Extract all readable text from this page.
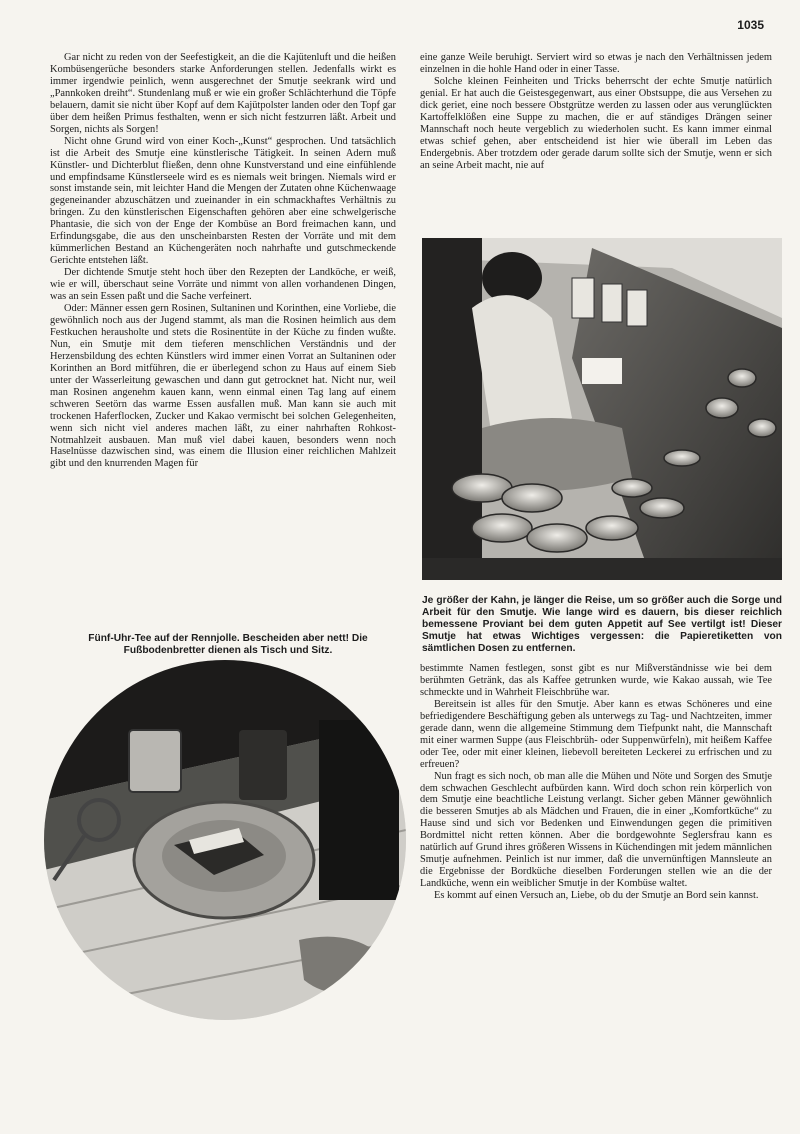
1035

Gar nicht zu reden von der Seefestigkeit, an die die Kajütenluft und die heißen Kombüsengerüche besonders starke Anforderungen stellen. Jedenfalls wirkt es immer irgendwie peinlich, wenn ausgerechnet der Smutje seekrank wird und „Pannkoken dreiht“. Stundenlang muß er wie ein großer Schlächterhund die Töpfe belauern, damit sie nicht über Kopf auf dem Kajütpolster landen oder den Topf gar über dem heißen Primus festhalten, wenn er sich nicht festzurren läßt. Arbeit und Sorgen, nichts als Sorgen!

Nicht ohne Grund wird von einer Koch-„Kunst“ gesprochen. Und tatsächlich ist die Arbeit des Smutje eine künstlerische Tätigkeit. In seinen Adern muß Künstler- und Dichterblut fließen, denn ohne Kunstverstand und eine einfühlende und empfindsame Künstlerseele wird es es niemals weit bringen. Niemals wird er sonst imstande sein, mit leichter Hand die Mengen der Zutaten ohne Küchenwaage gegeneinander abzuschätzen und zueinander in ein schmackhaftes Verhältnis zu bringen. Zu den künstlerischen Eigenschaften gehören aber eine schwelgerische Phantasie, die sich von der Enge der Kombüse an Bord freimachen kann, und Erfindungsgabe, die aus den unscheinbarsten Resten der Vorräte und mit dem kümmerlichen Bestand an Küchengeräten noch nahrhafte und gutschmeckende Gerichte entstehen läßt.

Der dichtende Smutje steht hoch über den Rezepten der Landköche, er weiß, wie er will, überschaut seine Vorräte und nimmt von allen vorhandenen Dingen, was an sein Essen paßt und die Sache verfeinert.

Oder: Männer essen gern Rosinen, Sultaninen und Korinthen, eine Vorliebe, die gewöhnlich noch aus der Jugend stammt, als man die Rosinen heimlich aus dem Festkuchen herausholte und stets die Rosinentüte in der Küche zu finden wußte. Nun, ein Smutje mit dem tieferen menschlichen Verständnis und der Herzensbildung des echten Künstlers wird immer einen Vorrat an Sultaninen oder Korinthen an Bord mitführen, die er überlegend schon zu Haus auf einem Sieb unter der Wasserleitung gewaschen und dann gut getrocknet hat. Nicht nur, weil man Rosinen angenehm kauen kann, wenn einmal einen Tag lang auf einem schweren Seetörn das warme Essen ausfallen muß. Man kann sie auch mit trockenen Haferflocken, Zucker und Kakao vermischt bei solchen Gelegenheiten, wenn sich nicht viel anderes machen läßt, zu einer nahrhaften Rohkost-Notmahlzeit ausbauen. Man muß viel dabei kauen, besonders wenn noch Haselnüsse dazwischen sind, was einem die Illusion einer reichlichen Mahlzeit gibt und den knurrenden Magen für

eine ganze Weile beruhigt. Serviert wird so etwas je nach den Verhältnissen jedem einzelnen in die hohle Hand oder in einer Tasse.

Solche kleinen Feinheiten und Tricks beherrscht der echte Smutje natürlich genial. Er hat auch die Geistesgegenwart, aus einer Obstsuppe, die aus Versehen zu dick geriet, eine noch bessere Obstgrütze werden zu lassen oder aus verunglückten Kartoffelklößen eine Suppe zu machen, die er auf ständiges Drängen seiner Mannschaft noch heute vergeblich zu wiederholen sucht. Es kann immer einmal etwas schief gehen, aber entscheidend ist hier wie überall im Leben das Endergebnis. Aber trotzdem oder gerade darum sollte sich der Smutje, wenn er sich an seine Arbeit macht, nie auf

Je größer der Kahn, je länger die Reise, um so größer auch die Sorge und Arbeit für den Smutje. Wie lange wird es dauern, bis dieser reichlich bemessene Proviant bei dem guten Appetit auf See vertilgt ist! Dieser Smutje hat etwas Wichtiges vergessen: die Papieretiketten von sämtlichen Dosen zu entfernen.
Fünf-Uhr-Tee auf der Rennjolle. Bescheiden aber nett! Die Fußbodenbretter dienen als Tisch und Sitz.

bestimmte Namen festlegen, sonst gibt es nur Mißverständnisse wie bei dem berühmten Getränk, das als Kaffee getrunken wurde, wie Kakao aussah, wie Tee schmeckte und in Wahrheit Fleischbrühe war.

Bereitsein ist alles für den Smutje. Aber kann es etwas Schöneres und eine befriedigendere Beschäftigung geben als unterwegs zu Tag- und Nachtzeiten, immer gerade dann, wenn die allgemeine Stimmung dem Tiefpunkt naht, die Mannschaft mit einer warmen Suppe (aus Fleischbrüh- oder Suppenwürfeln), mit heißem Kaffee oder Tee, oder mit einer kleinen, liebevoll bereiteten Leckerei zu erfrischen und zu erfreuen?

Nun fragt es sich noch, ob man alle die Mühen und Nöte und Sorgen des Smutje dem schwachen Geschlecht aufbürden kann. Wird doch schon rein körperlich von dem Smutje eine beachtliche Leistung verlangt. Sicher geben Männer gewöhnlich die besseren Smutjes ab als Mädchen und Frauen, die in einer „Komfortküche“ zu Hause sind und sich vor Bedenken und Einwendungen gegen die primitiven Bordmittel nicht retten können. Aber die bordgewohnte Seglersfrau kann es natürlich auf Grund ihres größeren Wissens in Küchendingen mit jedem männlichen Smutje aufnehmen. Peinlich ist nur immer, daß die unvernünftigen Mannsleute an die Ergebnisse der Bordküche dieselben Forderungen stellen wie an die der Landküche, wenn ein weiblicher Smutje in der Kombüse waltet.

Es kommt auf einen Versuch an, Liebe, ob du der Smutje an Bord sein kannst.
